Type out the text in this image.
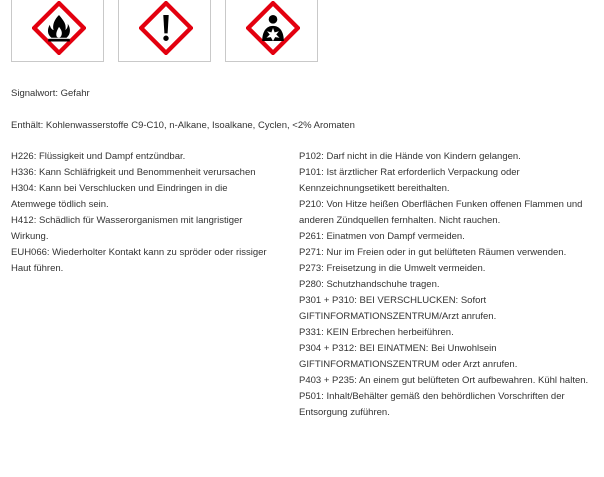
Signalwort: Gefahr
Enthält: Kohlenwasserstoffe C9-C10, n-Alkane, Isoalkane, Cyclen, <2% Aromaten

H226: Flüssigkeit und Dampf entzündbar.

H336: Kann Schläfrigkeit und Benommenheit verursachen

H304: Kann bei Verschlucken und Eindringen in die Atemwege tödlich sein.

H412: Schädlich für Wasserorganismen mit langristiger Wirkung.

EUH066: Wiederholter Kontakt kann zu spröder oder rissiger Haut führen.

P102: Darf nicht in die Hände von Kindern gelangen.

P101: Ist ärztlicher Rat erforderlich Verpackung oder Kennzeichnungsetikett bereithalten.

P210: Von Hitze heißen Oberflächen Funken offenen Flammen und anderen Zündquellen fernhalten. Nicht rauchen.

P261: Einatmen von Dampf vermeiden.

P271: Nur im Freien oder in gut belüfteten Räumen verwenden.

P273: Freisetzung in die Umwelt vermeiden.

P280: Schutzhandschuhe tragen.

P301 + P310: BEI VERSCHLUCKEN: Sofort GIFTINFORMATIONSZENTRUM/Arzt anrufen.

P331: KEIN Erbrechen herbeiführen.

P304 + P312: BEI EINATMEN: Bei Unwohlsein GIFTINFORMATIONSZENTRUM oder Arzt anrufen.

P403 + P235: An einem gut belüfteten Ort aufbewahren. Kühl halten.

P501: Inhalt/Behälter gemäß den behördlichen Vorschriften der Entsorgung zuführen.
